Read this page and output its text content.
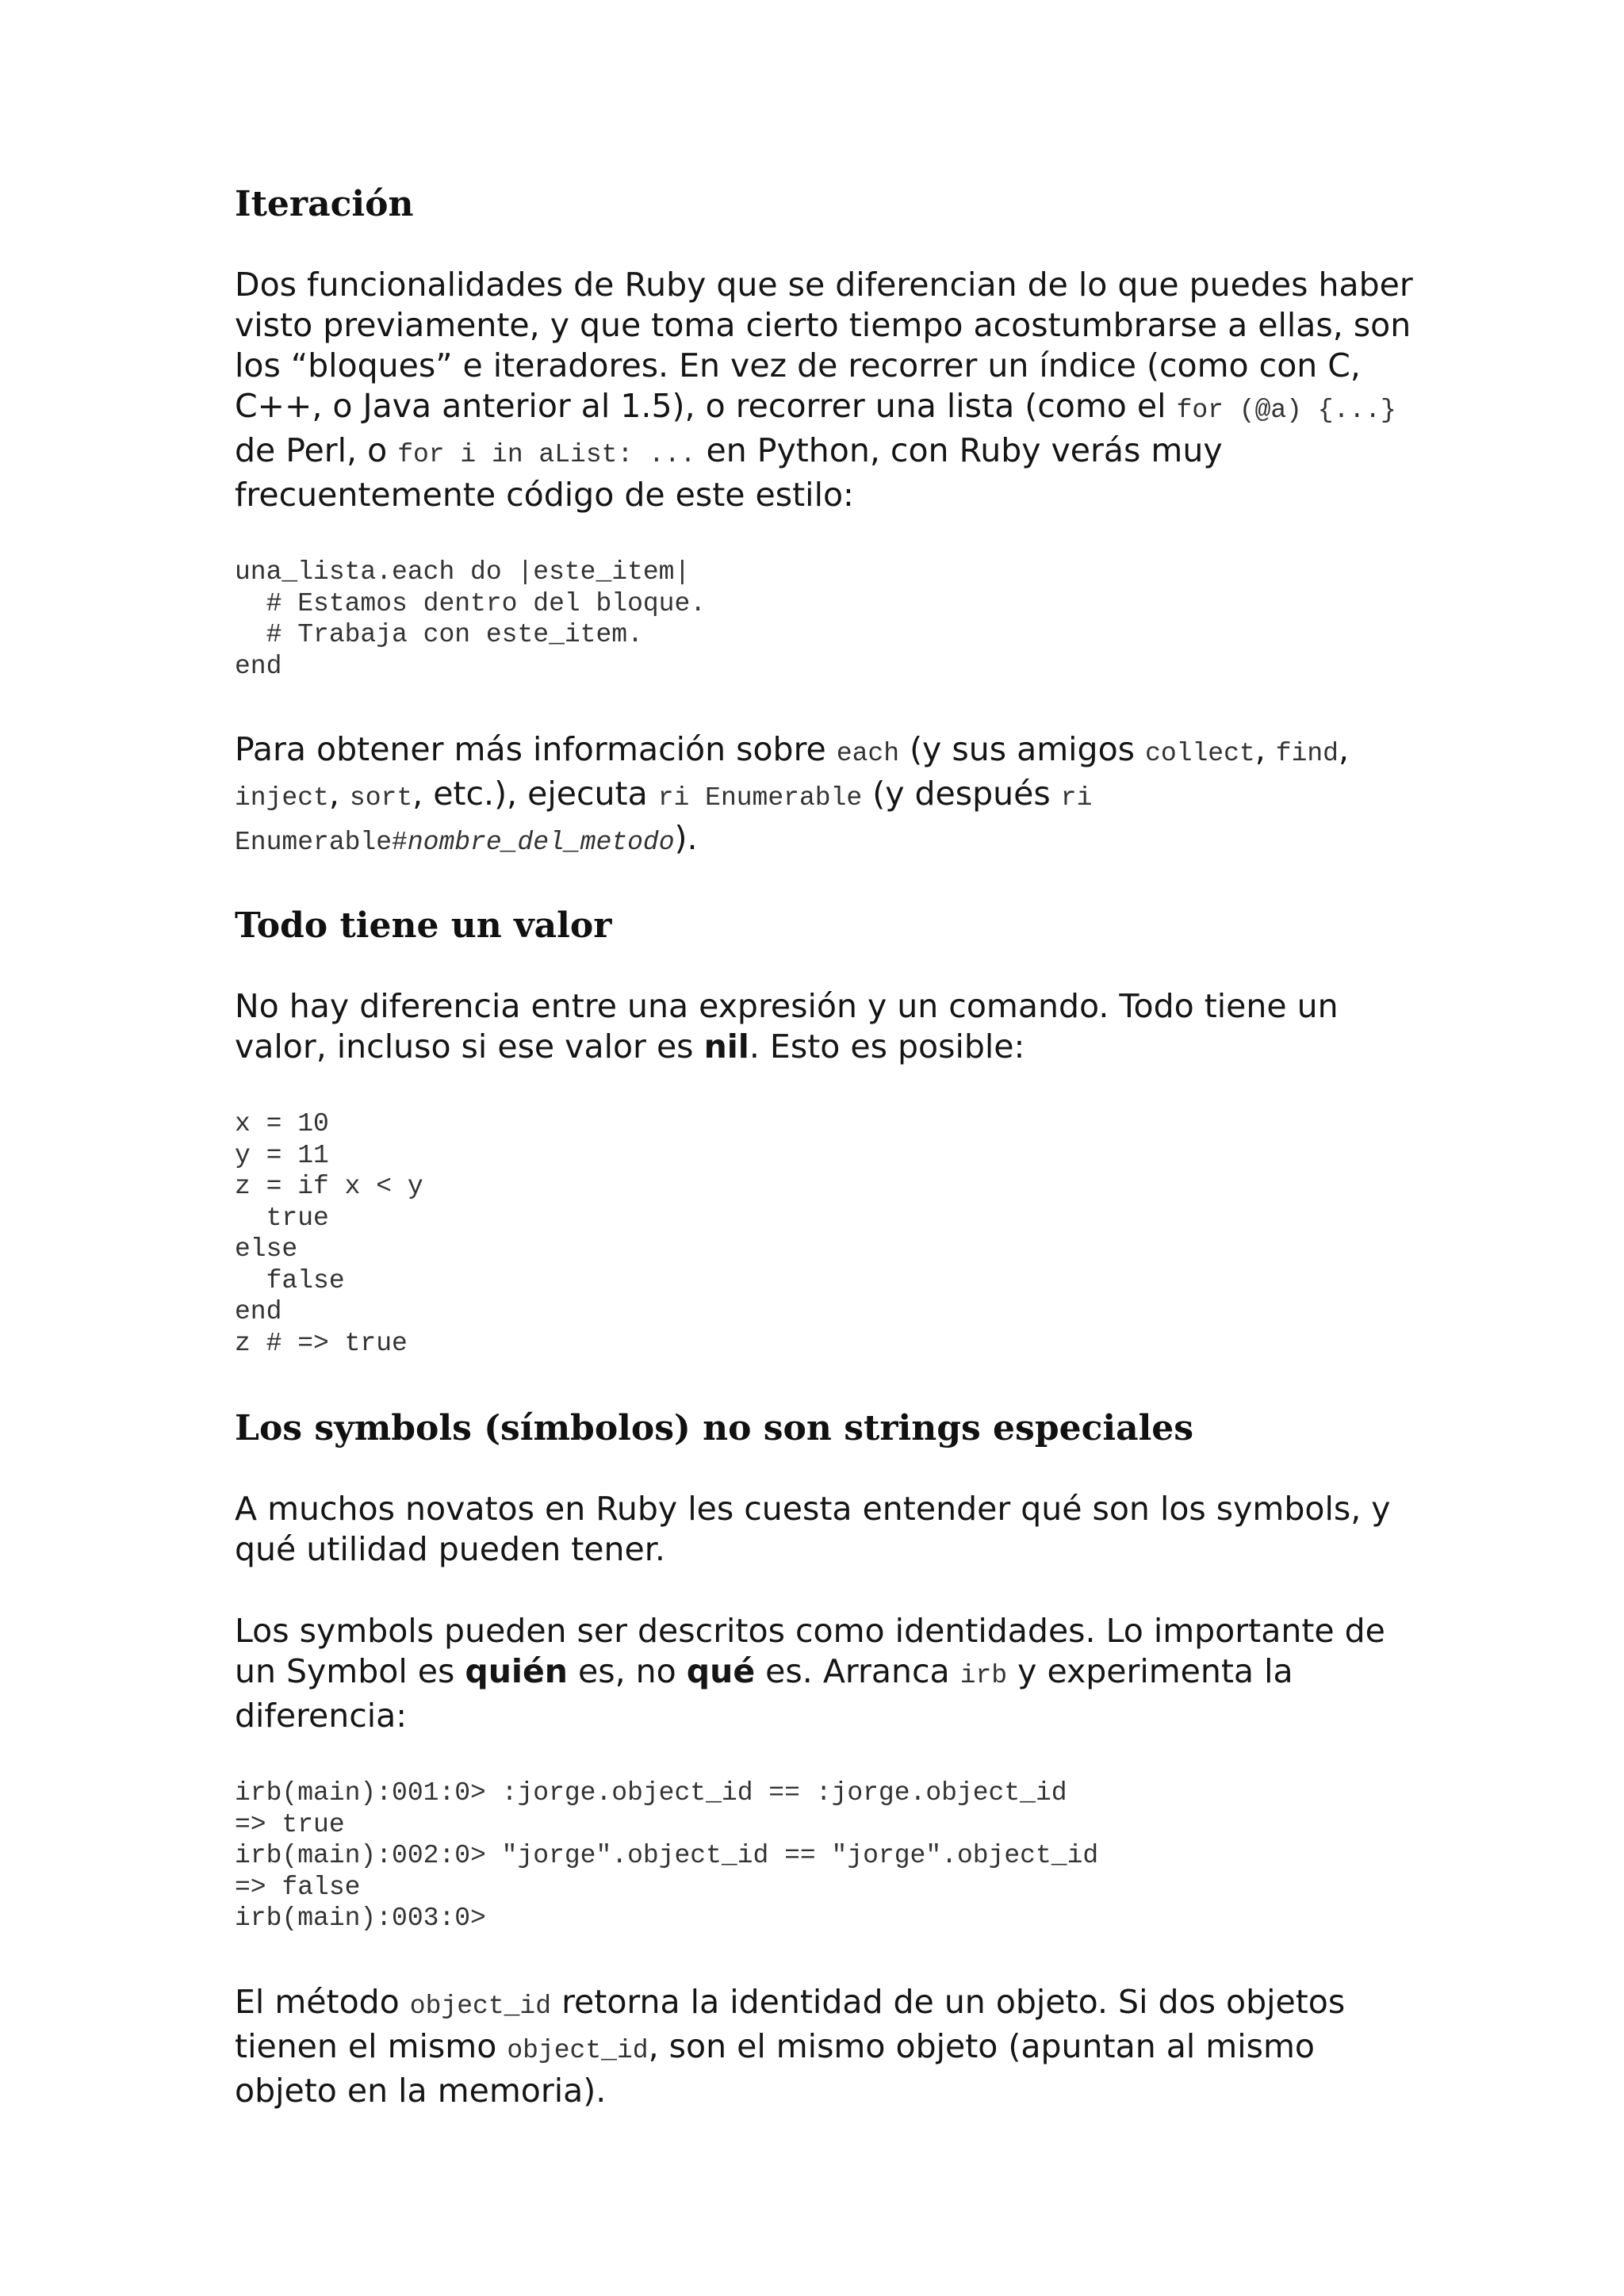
Iteración

Dos funcionalidades de Ruby que se diferencian de lo que puedes haber visto previamente, y que toma cierto tiempo acostumbrarse a ellas, son los “bloques” e iteradores. En vez de recorrer un índice (como con C, C++, o Java anterior al 1.5), o recorrer una lista (como el for (@a) {...} de Perl, o for i in aList: ... en Python, con Ruby verás muy frecuentemente código de este estilo:

una_lista.each do |este_item|
# Estamos dentro del bloque.
# Trabaja con este_item.
end

Para obtener más información sobre each (y sus amigos collect, find, inject, sort, etc.), ejecuta ri Enumerable (y después ri Enumerable#nombre_del_metodo).

Todo tiene un valor

No hay diferencia entre una expresión y un comando. Todo tiene un valor, incluso si ese valor es nil. Esto es posible:

x = 10
y = 11
z = if x < y
true
else
false
end
z # => true
Los symbols (símbolos) no son strings especiales

A muchos novatos en Ruby les cuesta entender qué son los symbols, y qué utilidad pueden tener.

Los symbols pueden ser descritos como identidades. Lo importante de un Symbol es quién es, no qué es. Arranca irb y experimenta la diferencia:

irb(main):001:0> :jorge.object_id == :jorge.object_id
=> true
irb(main):002:0> "jorge".object_id == "jorge".object_id
=> false
irb(main):003:0>

El método object_id retorna la identidad de un objeto. Si dos objetos tienen el mismo object_id, son el mismo objeto (apuntan al mismo objeto en la memoria).
